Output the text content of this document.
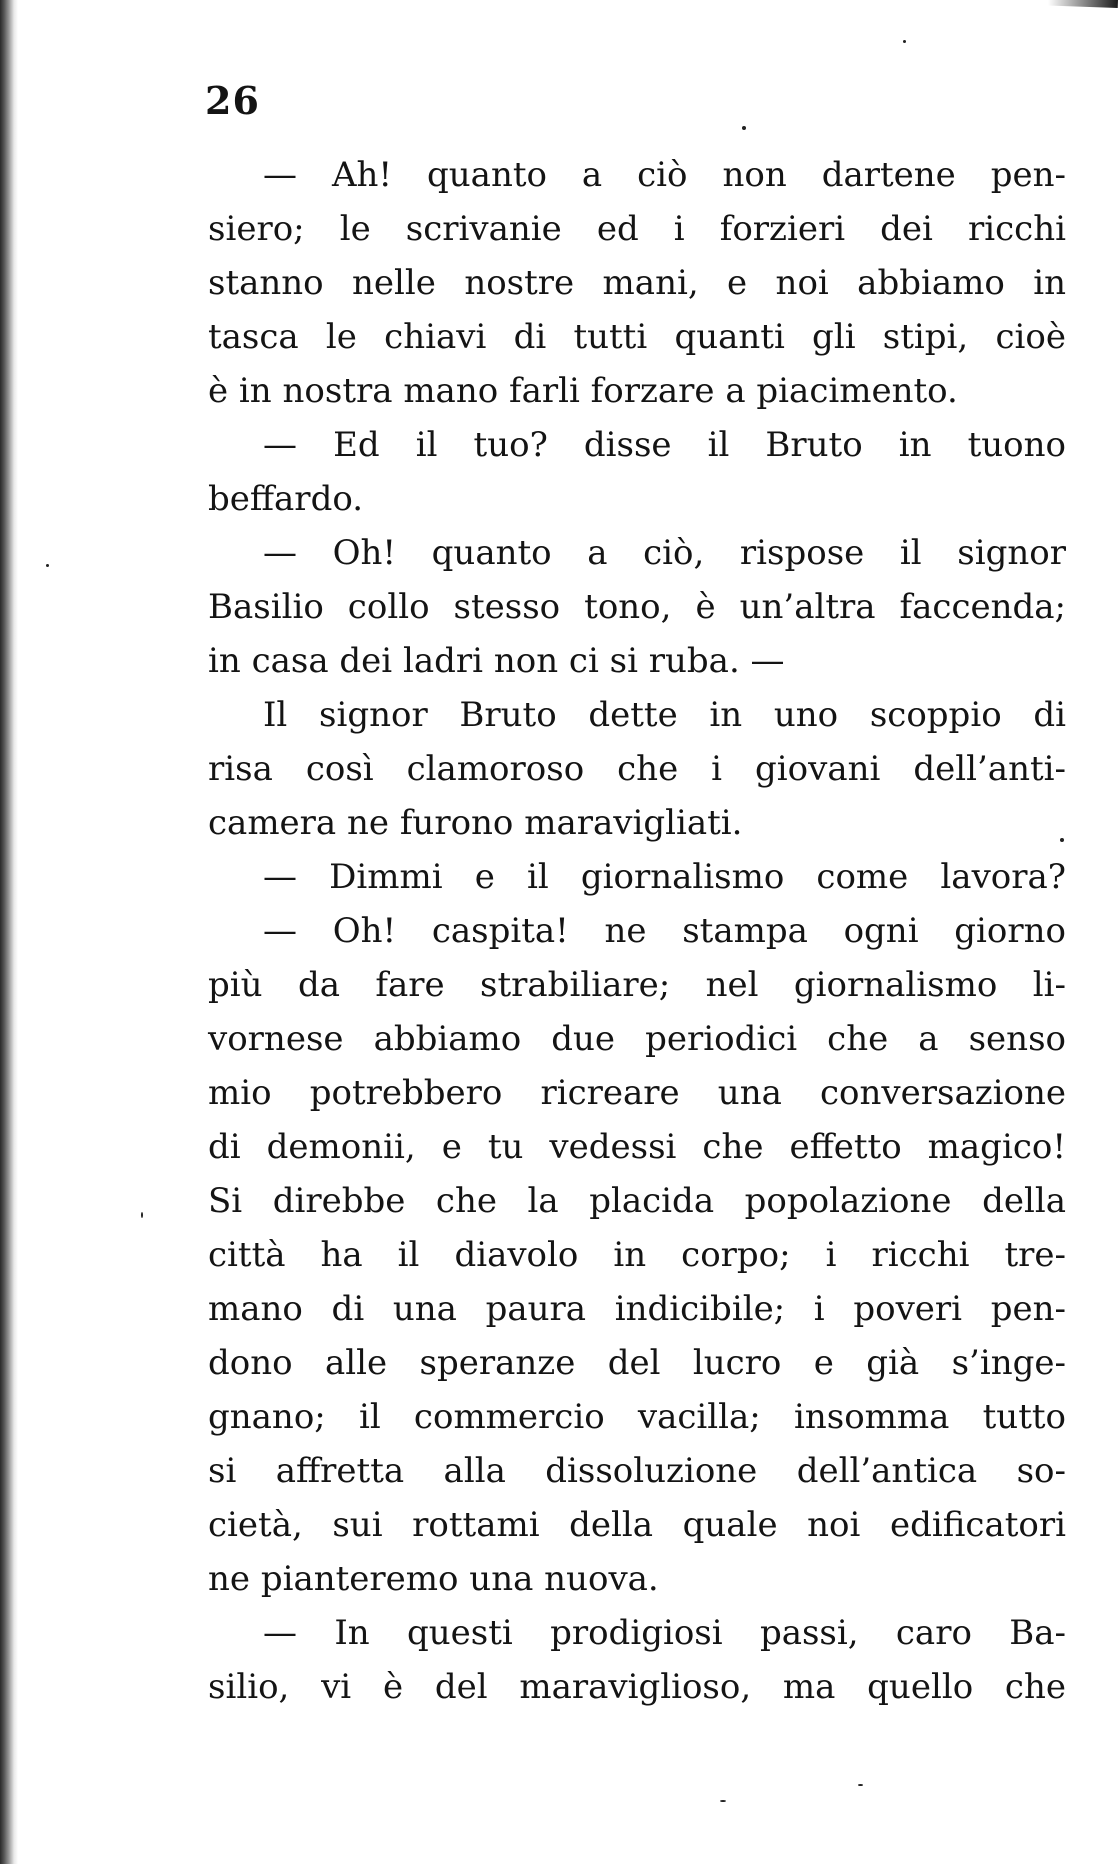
26
— Ah! quanto a ciò non dartene pen-
siero; le scrivanie ed i forzieri dei ricchi
stanno nelle nostre mani, e noi abbiamo in
tasca le chiavi di tutti quanti gli stipi, cioè
è in nostra mano farli forzare a piacimento.
— Ed il tuo? disse il Bruto in tuono
beffardo.
— Oh! quanto a ciò, rispose il signor
Basilio collo stesso tono, è un’altra faccenda;
in casa dei ladri non ci si ruba. —
Il signor Bruto dette in uno scoppio di
risa così clamoroso che i giovani dell’anti-
camera ne furono maravigliati.
— Dimmi e il giornalismo come lavora?
— Oh! caspita! ne stampa ogni giorno
più da fare strabiliare; nel giornalismo li-
vornese abbiamo due periodici che a senso
mio potrebbero ricreare una conversazione
di demonii, e tu vedessi che effetto magico!
Si direbbe che la placida popolazione della
città ha il diavolo in corpo; i ricchi tre-
mano di una paura indicibile; i poveri pen-
dono alle speranze del lucro e già s’inge-
gnano; il commercio vacilla; insomma tutto
si affretta alla dissoluzione dell’antica so-
cietà, sui rottami della quale noi edificatori
ne pianteremo una nuova.
— In questi prodigiosi passi, caro Ba-
silio, vi è del maraviglioso, ma quello che
